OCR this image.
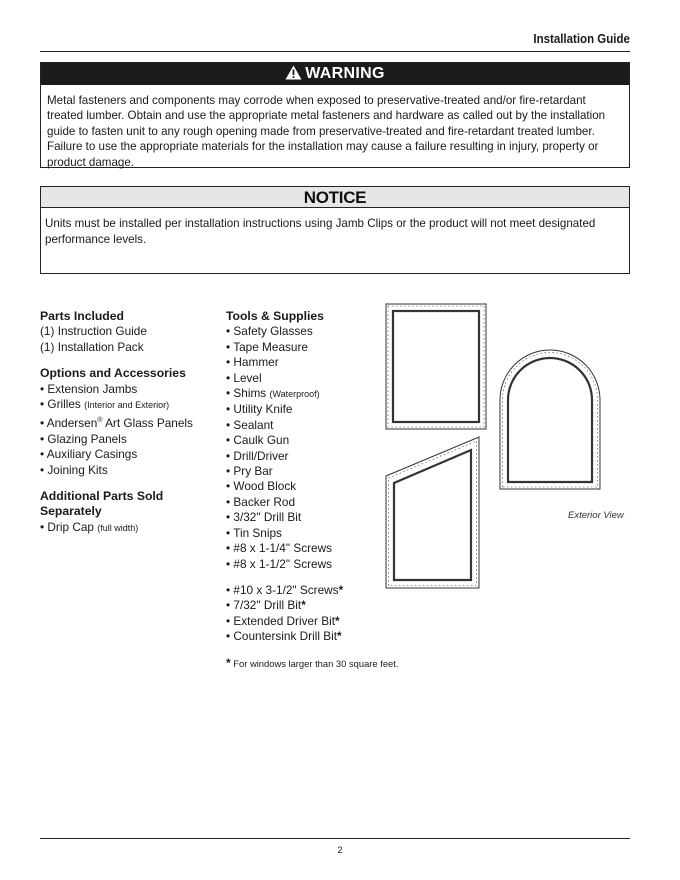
Installation Guide
WARNING
Metal fasteners and components may corrode when exposed to preservative-treated and/or fire-retardant treated lumber. Obtain and use the appropriate metal fasteners and hardware as called out by the installation guide to fasten unit to any rough opening made from preservative-treated and fire-retardant treated lumber. Failure to use the appropriate materials for the installation may cause a failure resulting in injury, property or product damage.
NOTICE
Units must be installed per installation instructions using Jamb Clips or the product will not meet designated performance levels.
Parts Included
(1) Instruction Guide
(1) Installation Pack
Options and Accessories
• Extension Jambs
• Grilles (Interior and Exterior)
• Andersen® Art Glass Panels
• Glazing Panels
• Auxiliary Casings
• Joining Kits
Additional Parts Sold Separately
• Drip Cap (full width)
Tools & Supplies
• Safety Glasses
• Tape Measure
• Hammer
• Level
• Shims (Waterproof)
• Utility Knife
• Sealant
• Caulk Gun
• Drill/Driver
• Pry Bar
• Wood Block
• Backer Rod
• 3/32" Drill Bit
• Tin Snips
• #8 x 1-1/4" Screws
• #8 x 1-1/2" Screws
• #10 x 3-1/2" Screws*
• 7/32" Drill Bit*
• Extended Driver Bit*
• Countersink Drill Bit*
* For windows larger than 30 square feet.
Exterior View
2
